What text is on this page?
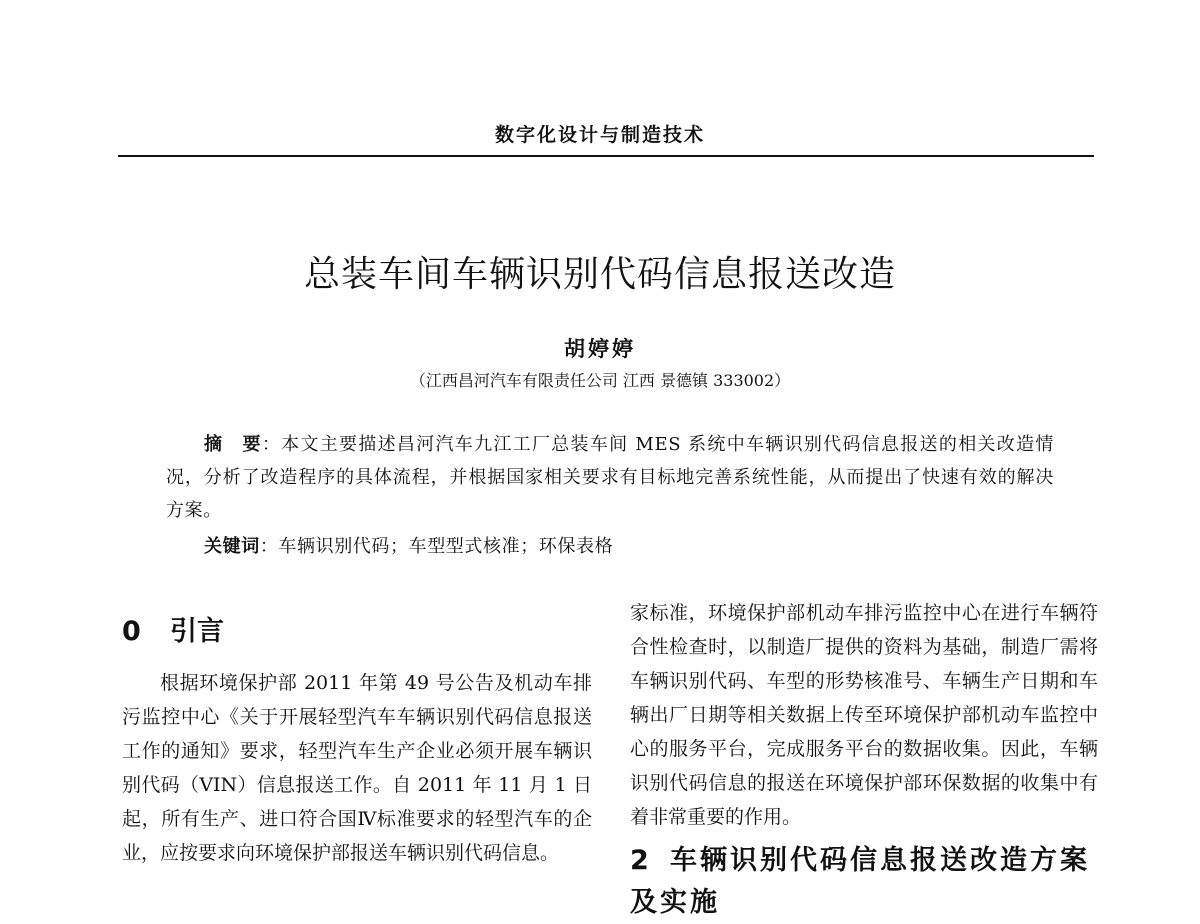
数字化设计与制造技术
总装车间车辆识别代码信息报送改造
胡婷婷
（江西昌河汽车有限责任公司 江西 景德镇 333002）

摘　要：本文主要描述昌河汽车九江工厂总装车间 MES 系统中车辆识别代码信息报送的相关改造情况，分析了改造程序的具体流程，并根据国家相关要求有目标地完善系统性能，从而提出了快速有效的解决方案。

关键词：车辆识别代码；车型型式核准；环保表格
0 引言

根据环境保护部 2011 年第 49 号公告及机动车排污监控中心《关于开展轻型汽车车辆识别代码信息报送工作的通知》要求，轻型汽车生产企业必须开展车辆识别代码（VIN）信息报送工作。自 2011 年 11 月 1 日起，所有生产、进口符合国Ⅳ标准要求的轻型汽车的企业，应按要求向环境保护部报送车辆识别代码信息。

家标准，环境保护部机动车排污监控中心在进行车辆符合性检查时，以制造厂提供的资料为基础，制造厂需将车辆识别代码、车型的形势核准号、车辆生产日期和车辆出厂日期等相关数据上传至环境保护部机动车监控中心的服务平台，完成服务平台的数据收集。因此，车辆识别代码信息的报送在环境保护部环保数据的收集中有着非常重要的作用。

2 车辆识别代码信息报送改造方案及实施
